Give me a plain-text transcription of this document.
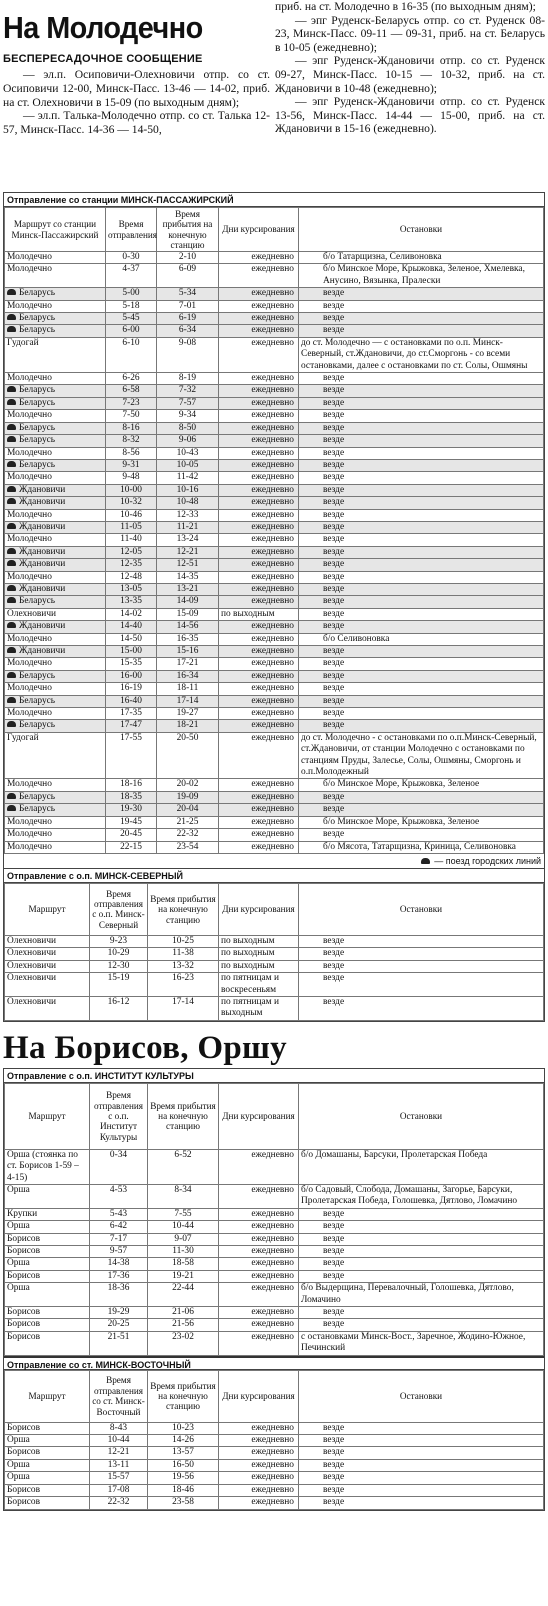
На Молодечно
БЕСПЕРЕСАДОЧНОЕ СООБЩЕНИЕ

— эл.п. Осиповичи-Олехновичи отпр. со ст. Осиповичи 12-00, Минск-Пасс. 13-46 — 14-02, приб. на ст. Олехновичи в 15-09 (по выходным дням);

— эл.п. Талька-Молодечно отпр. со ст. Талька 12-57, Минск-Пасс. 14-36 — 14-50,

приб. на ст. Молодечно в 16-35 (по выходным дням);

— эпг Руденск-Беларусь отпр. со ст. Руденск 08-23, Минск-Пасс. 09-11 — 09-31, приб. на ст. Беларусь в 10-05 (ежедневно);

— эпг Руденск-Ждановичи отпр. со ст. Руденск 09-27, Минск-Пасс. 10-15 — 10-32, приб. на ст. Ждановичи в 10-48 (ежедневно);

— эпг Руденск-Ждановичи отпр. со ст. Руденск 13-56, Минск-Пасс. 14-44 — 15-00, приб. на ст. Ждановичи в 15-16 (ежедневно).

Отправление со станции МИНСК-ПАССАЖИРСКИЙ
Маршрут со станции Минск-Пассажирский	Время отправления	Время прибытия на конечную станцию	Дни курсирования	Остановки
Молодечно	0-30	2-10	ежедневно	б/о Татарщизна, Селивоновка
Молодечно	4-37	6-09	ежедневно	б/о Минское Море, Крыжовка, Зеленое, Хмелевка, Анусино, Вязынка, Пралески
Беларусь	5-00	5-34	ежедневно	везде
Молодечно	5-18	7-01	ежедневно	везде
Беларусь	5-45	6-19	ежедневно	везде
Беларусь	6-00	6-34	ежедневно	везде
Гудогай	6-10	9-08	ежедневно	до ст. Молодечно — с остановками по о.п. Минск-Северный, ст.Ждановичи, до ст.Сморгонь - со всеми остановками, далее с остановками по ст. Солы, Ошмяны
Молодечно	6-26	8-19	ежедневно	везде
Беларусь	6-58	7-32	ежедневно	везде
Беларусь	7-23	7-57	ежедневно	везде
Молодечно	7-50	9-34	ежедневно	везде
Беларусь	8-16	8-50	ежедневно	везде
Беларусь	8-32	9-06	ежедневно	везде
Молодечно	8-56	10-43	ежедневно	везде
Беларусь	9-31	10-05	ежедневно	везде
Молодечно	9-48	11-42	ежедневно	везде
Ждановичи	10-00	10-16	ежедневно	везде
Ждановичи	10-32	10-48	ежедневно	везде
Молодечно	10-46	12-33	ежедневно	везде
Ждановичи	11-05	11-21	ежедневно	везде
Молодечно	11-40	13-24	ежедневно	везде
Ждановичи	12-05	12-21	ежедневно	везде
Ждановичи	12-35	12-51	ежедневно	везде
Молодечно	12-48	14-35	ежедневно	везде
Ждановичи	13-05	13-21	ежедневно	везде
Беларусь	13-35	14-09	ежедневно	везде
Олехновичи	14-02	15-09	по выходным	везде
Ждановичи	14-40	14-56	ежедневно	везде
Молодечно	14-50	16-35	ежедневно	б/о Селивоновка
Ждановичи	15-00	15-16	ежедневно	везде
Молодечно	15-35	17-21	ежедневно	везде
Беларусь	16-00	16-34	ежедневно	везде
Молодечно	16-19	18-11	ежедневно	везде
Беларусь	16-40	17-14	ежедневно	везде
Молодечно	17-35	19-27	ежедневно	везде
Беларусь	17-47	18-21	ежедневно	везде
Гудогай	17-55	20-50	ежедневно	до ст. Молодечно - с остановками по о.п.Минск-Северный, ст.Ждановичи, от станции Молодечно с остановками по станциям Пруды, Залесье, Солы, Ошмяны, Сморгонь и о.п.Молодежный
Молодечно	18-16	20-02	ежедневно	б/о Минское Море, Крыжовка, Зеленое
Беларусь	18-35	19-09	ежедневно	везде
Беларусь	19-30	20-04	ежедневно	везде
Молодечно	19-45	21-25	ежедневно	б/о Минское Море, Крыжовка, Зеленое
Молодечно	20-45	22-32	ежедневно	везде
Молодечно	22-15	23-54	ежедневно	б/о Мясота, Татарщизна, Криница, Селивоновка
— поезд городских линий
Отправление с о.п. МИНСК-СЕВЕРНЫЙ
Маршрут	Время отправления с о.п. Минск-Северный	Время прибытия на конечную станцию	Дни курсирования	Остановки
Олехновичи	9-23	10-25	по выходным	везде
Олехновичи	10-29	11-38	по выходным	везде
Олехновичи	12-30	13-32	по выходным	везде
Олехновичи	15-19	16-23	по пятницам и воскресеньям	везде
Олехновичи	16-12	17-14	по пятницам и выходным	везде
На Борисов, Оршу
Отправление с о.п. ИНСТИТУТ КУЛЬТУРЫ
Маршрут	Время отправления с о.п. Институт Культуры	Время прибытия на конечную станцию	Дни курсирования	Остановки
Орша (стоянка по ст. Борисов 1-59 – 4-15)	0-34	6-52	ежедневно	б/о Домашаны, Барсуки, Пролетарская Победа
Орша	4-53	8-34	ежедневно	б/о Садовый, Слобода, Домашаны, Загорье, Барсуки, Пролетарская Победа, Голошевка, Дятлово, Ломачино
Крупки	5-43	7-55	ежедневно	везде
Орша	6-42	10-44	ежедневно	везде
Борисов	7-17	9-07	ежедневно	везде
Борисов	9-57	11-30	ежедневно	везде
Орша	14-38	18-58	ежедневно	везде
Борисов	17-36	19-21	ежедневно	везде
Орша	18-36	22-44	ежедневно	б/о Выдерщина, Перевалочный, Голошевка, Дятлово, Ломачино
Борисов	19-29	21-06	ежедневно	везде
Борисов	20-25	21-56	ежедневно	везде
Борисов	21-51	23-02	ежедневно	с остановками Минск-Вост., Заречное, Жодино-Южное, Печинский
Отправление со ст. МИНСК-ВОСТОЧНЫЙ
Маршрут	Время отправления со ст. Минск-Восточный	Время прибытия на конечную станцию	Дни курсирования	Остановки
Борисов	8-43	10-23	ежедневно	везде
Орша	10-44	14-26	ежедневно	везде
Борисов	12-21	13-57	ежедневно	везде
Орша	13-11	16-50	ежедневно	везде
Орша	15-57	19-56	ежедневно	везде
Борисов	17-08	18-46	ежедневно	везде
Борисов	22-32	23-58	ежедневно	везде
